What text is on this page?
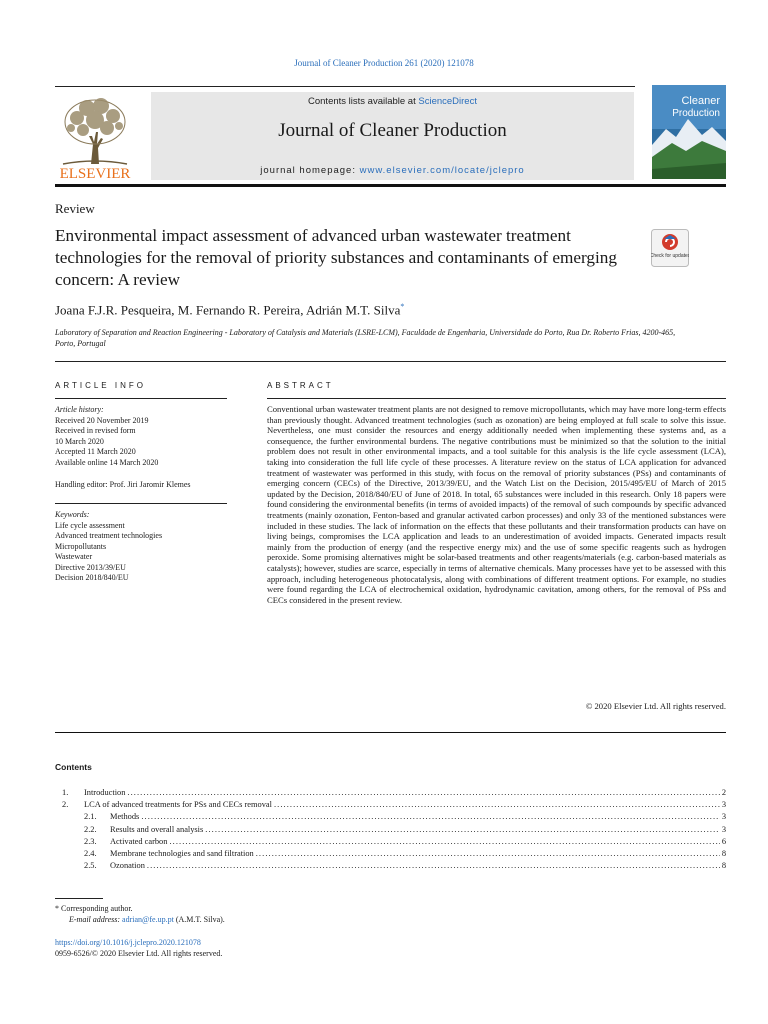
Journal of Cleaner Production 261 (2020) 121078
ELSEVIER
Contents lists available at ScienceDirect
Journal of Cleaner Production
journal homepage: www.elsevier.com/locate/jclepro
Cleaner
Production
Review
Environmental impact assessment of advanced urban wastewater treatment technologies for the removal of priority substances and contaminants of emerging concern: A review
Check for updates
Joana F.J.R. Pesqueira, M. Fernando R. Pereira, Adrián M.T. Silva*
Laboratory of Separation and Reaction Engineering - Laboratory of Catalysis and Materials (LSRE-LCM), Faculdade de Engenharia, Universidade do Porto, Rua Dr. Roberto Frias, 4200-465, Porto, Portugal
ARTICLE INFO	ABSTRACT
Article history:
Received 20 November 2019
Received in revised form
10 March 2020
Accepted 11 March 2020
Available online 14 March 2020
Handling editor: Prof. Jiri Jaromir Klemes
Keywords:
Life cycle assessment
Advanced treatment technologies
Micropollutants
Wastewater
Directive 2013/39/EU
Decision 2018/840/EU
Conventional urban wastewater treatment plants are not designed to remove micropollutants, which may have more long-term effects than previously thought. Advanced treatment technologies (such as ozonation) are being employed at full scale to solve this issue. Nevertheless, one must consider the resources and energy additionally needed when implementing these systems and, as a consequence, the further environmental burdens. The negative contributions must be minimized so that the solution to the initial problem does not result in other environmental impacts, and a tool suitable for this analysis is the life cycle assessment (LCA), taking into consideration the full life cycle of these processes. A literature review on the status of LCA application for advanced treatment of wastewater was performed in this study, with focus on the removal of priority substances (PSs) and contaminants of emerging concern (CECs) of the Directive, 2013/39/EU, and the Watch List on the Decision, 2015/495/EU of March of 2015 updated by the Decision, 2018/840/EU of June of 2018. In total, 65 substances were included in this research. Only 18 papers were found considering the environmental benefits (in terms of avoided impacts) of the removal of such compounds by specific advanced treatments (mainly ozonation, Fenton-based and granular activated carbon processes) and only 33 of the mentioned substances were included in these studies. The lack of information on the effects that these pollutants and their transformation products can have on living beings, compromises the LCA application and leads to an underestimation of avoided impacts. Generated impacts result mainly from the production of energy (and the respective energy mix) and the use of some specific reagents such as hydrogen peroxide. Some promising alternatives might be solar-based treatments and other reagents/materials (e.g. carbon-based materials as catalysts); however, studies are scarce, especially in terms of alternative chemicals. Many processes have yet to be assessed with this approach, including heterogeneous photocatalysis, along with combinations of different treatment options. For example, no studies were found regarding the LCA of electrochemical oxidation, hydrodynamic cavitation, among others, for the removal of PSs and CECs considered in the present review.
© 2020 Elsevier Ltd. All rights reserved.
Contents
1.	Introduction .....	2
2.	LCA of advanced treatments for PSs and CECs removal .....	3
2.1.	Methods .....	3
2.2.	Results and overall analysis .....	3
2.3.	Activated carbon .....	6
2.4.	Membrane technologies and sand filtration .....	8
2.5.	Ozonation .....	8
* Corresponding author.
E-mail address: adrian@fe.up.pt (A.M.T. Silva).
https://doi.org/10.1016/j.jclepro.2020.121078
0959-6526/© 2020 Elsevier Ltd. All rights reserved.
